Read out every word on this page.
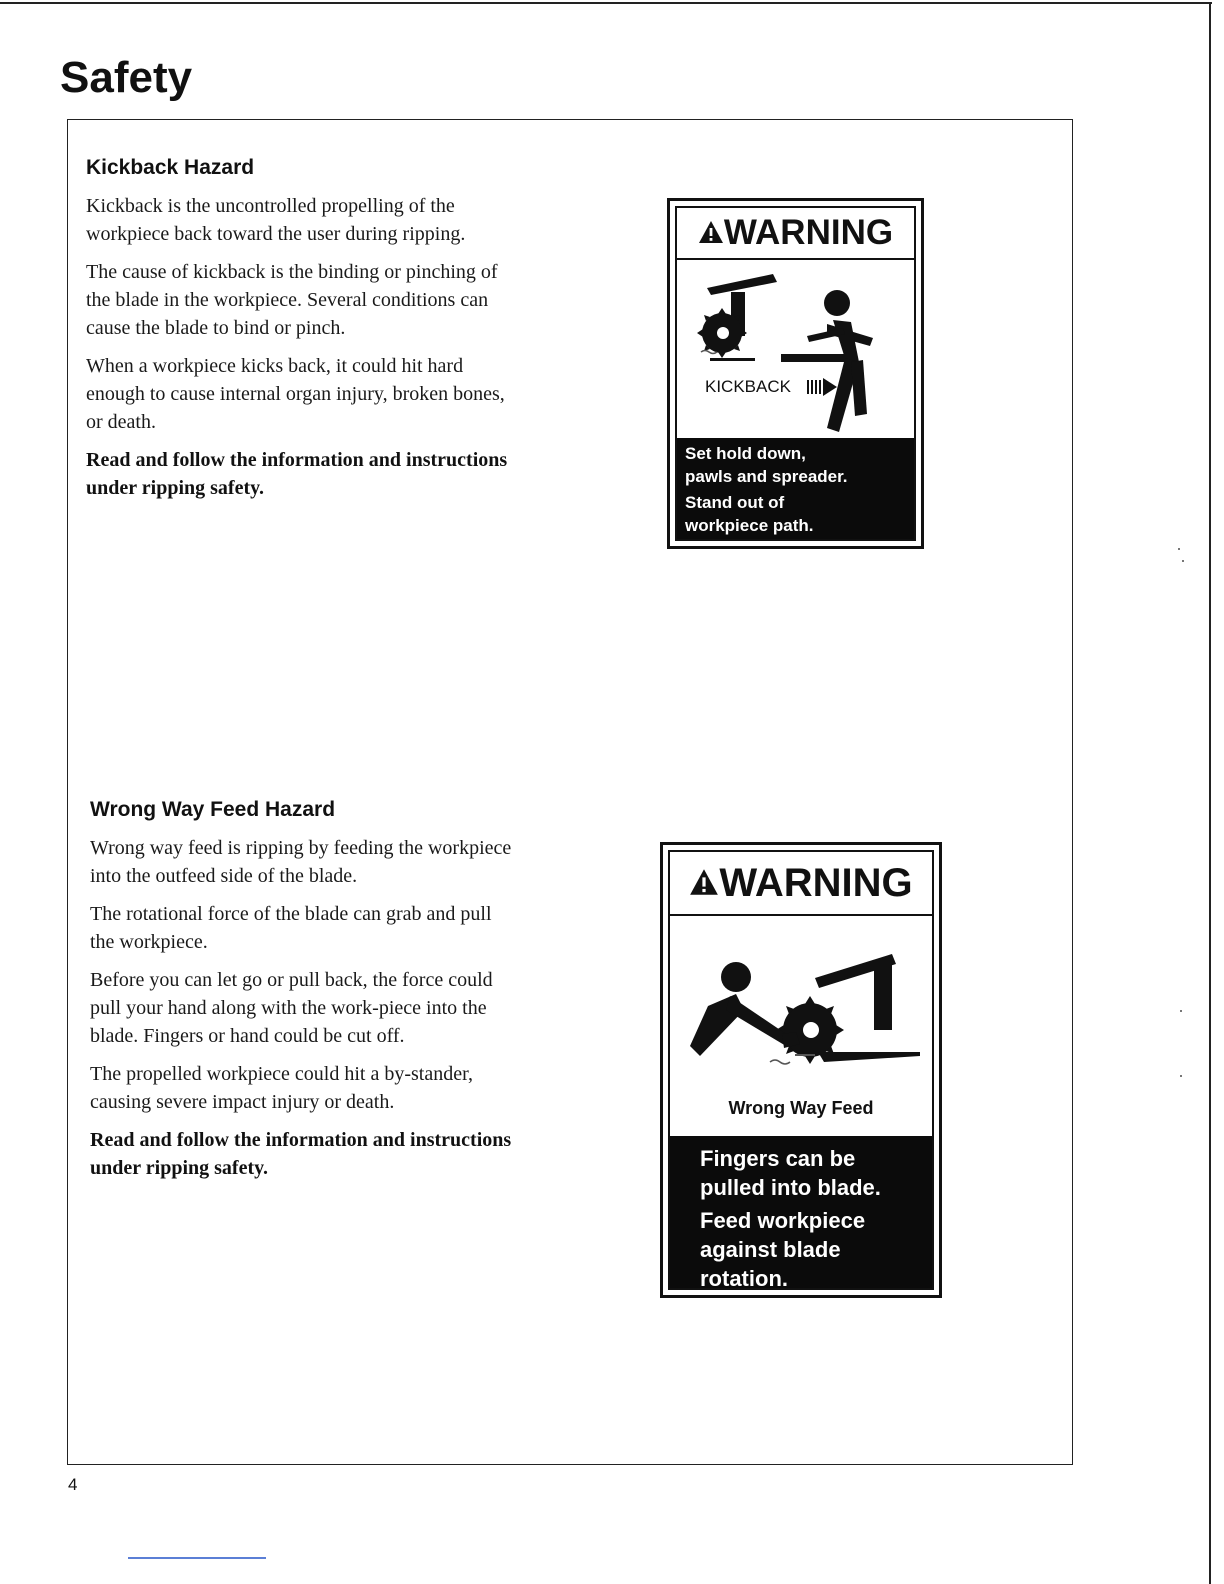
Safety
Kickback Hazard

Kickback is the uncontrolled propelling of the workpiece back toward the user during ripping.

The cause of kickback is the binding or pinching of the blade in the workpiece. Several conditions can cause the blade to bind or pinch.

When a workpiece kicks back, it could hit hard enough to cause internal organ injury, broken bones, or death.

Read and follow the information and instructions under ripping safety.

WARNING
KICKBACK
Set hold down,
pawls and spreader.
Stand out of
workpiece path.
Wrong Way Feed Hazard

Wrong way feed is ripping by feeding the workpiece into the outfeed side of the blade.

The rotational force of the blade can grab and pull the workpiece.

Before you can let go or pull back, the force could pull your hand along with the work-piece into the blade. Fingers or hand could be cut off.

The propelled workpiece could hit a by-stander, causing severe impact injury or death.

Read and follow the information and instructions under ripping safety.

WARNING
Wrong Way Feed
Fingers can be
pulled into blade.
Feed workpiece
against blade
rotation.
4
